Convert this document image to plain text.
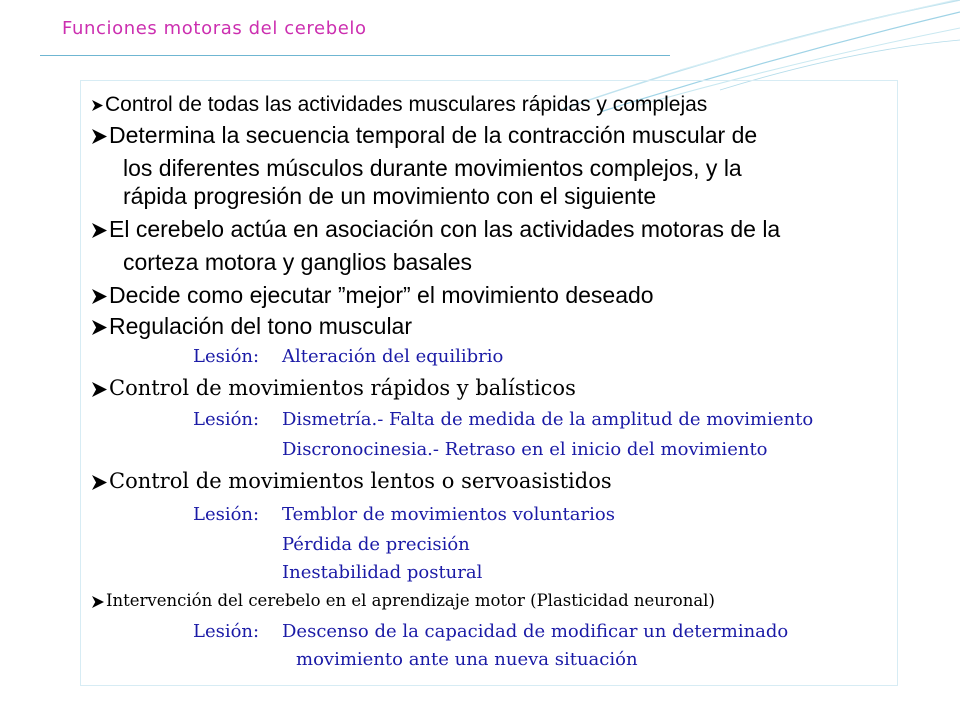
Funciones motoras del cerebelo
Control de todas las actividades musculares rápidas y complejas
Determina la secuencia temporal de la contracción muscular de
los diferentes músculos durante movimientos complejos, y la
rápida progresión de un movimiento con el siguiente
El cerebelo actúa en asociación con las actividades motoras de la
corteza motora y ganglios basales
Decide como ejecutar ”mejor” el movimiento deseado
Regulación del tono muscular
Lesión: Alteración del equilibrio
Control de movimientos rápidos y balísticos
Lesión: Dismetría.- Falta de medida de la amplitud de movimiento
Discronocinesia.- Retraso en el inicio del movimiento
Control de movimientos lentos o servoasistidos
Lesión: Temblor de movimientos voluntarios
Pérdida de precisión
Inestabilidad postural
Intervención del cerebelo en el aprendizaje motor (Plasticidad neuronal)
Lesión: Descenso de la capacidad de modificar un determinado
movimiento ante una nueva situación
